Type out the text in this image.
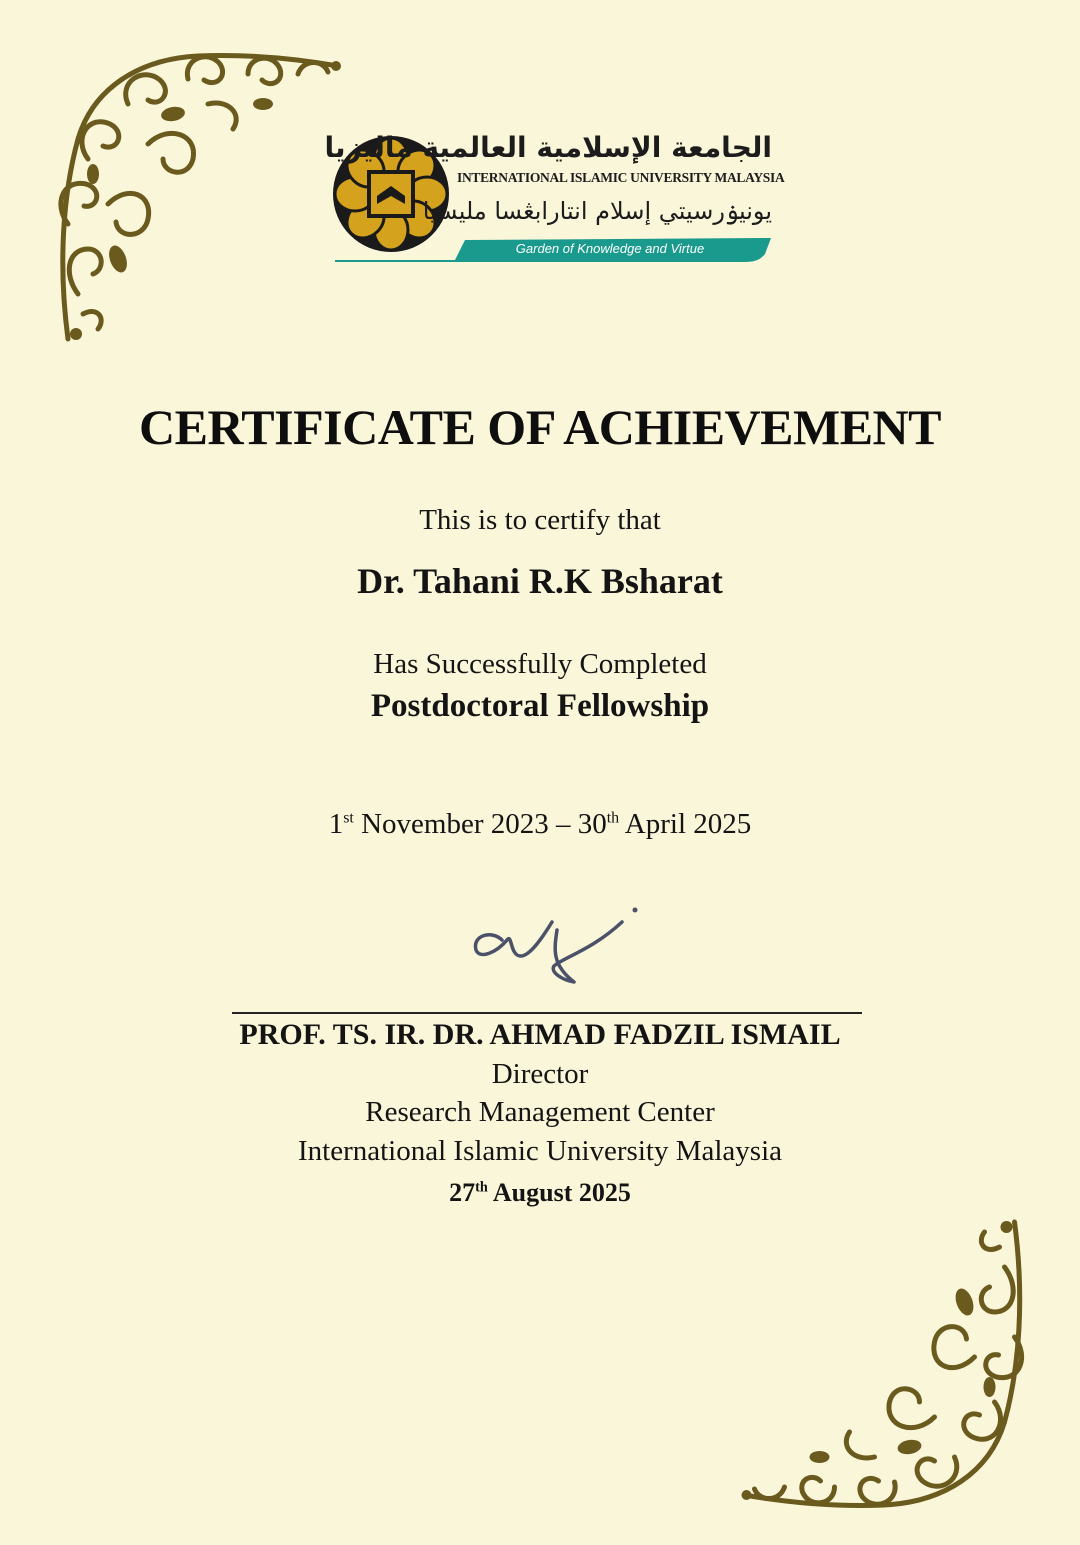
الجامعة الإسلامية العالمية ماليزيا
INTERNATIONAL ISLAMIC UNIVERSITY MALAYSIA
يونيۏرسيتي إسلام انتارابڠسا مليسيا
Garden of Knowledge and Virtue
CERTIFICATE OF ACHIEVEMENT
This is to certify that
Dr. Tahani R.K Bsharat
Has Successfully Completed
Postdoctoral Fellowship
1st November 2023 – 30th April 2025
PROF. TS. IR. DR. AHMAD FADZIL ISMAIL
Director
Research Management Center
International Islamic University Malaysia
27th August 2025
